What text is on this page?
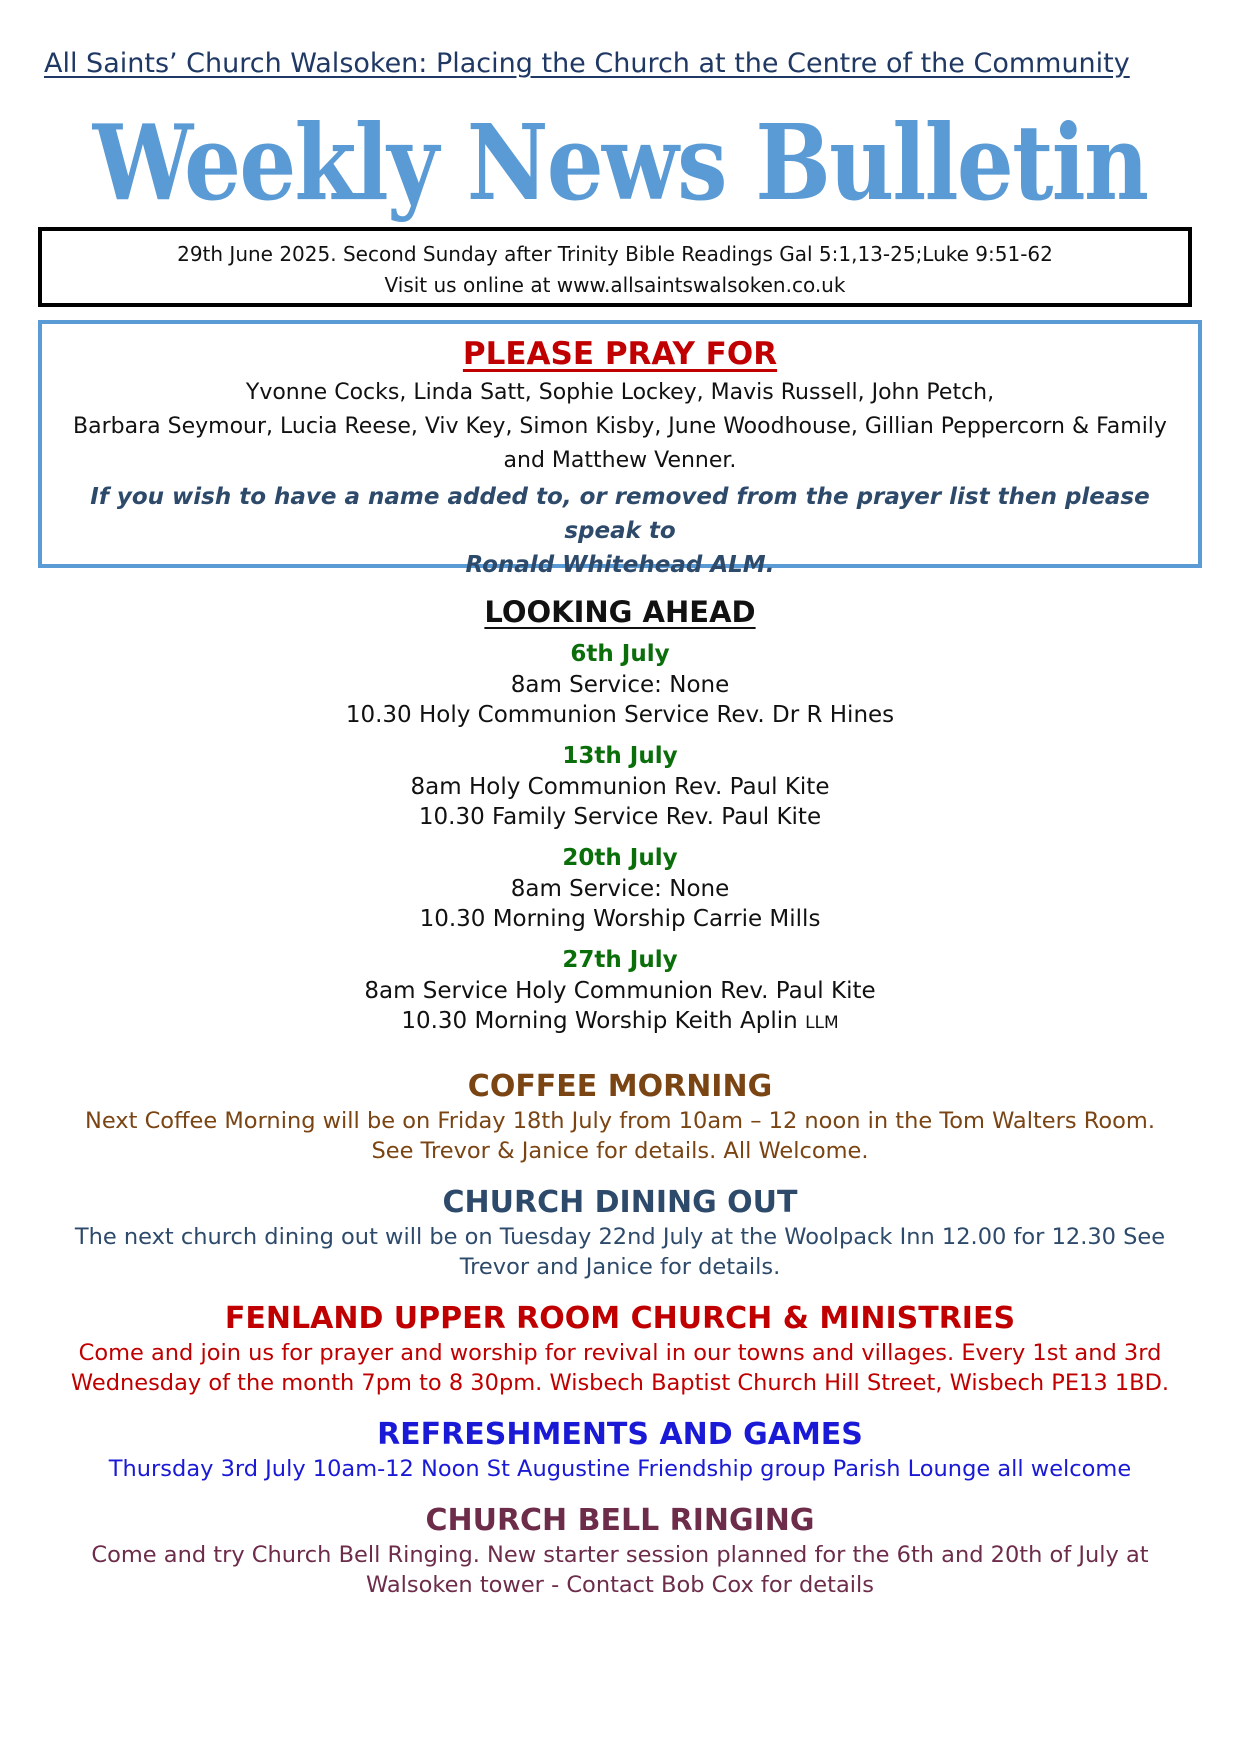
All Saints’ Church Walsoken: Placing the Church at the Centre of the Community
Weekly News Bulletin
29th June 2025. Second Sunday after Trinity Bible Readings Gal 5:1,13-25;Luke 9:51-62
Visit us online at www.allsaintswalsoken.co.uk
PLEASE PRAY FOR
Yvonne Cocks, Linda Satt, Sophie Lockey, Mavis Russell, John Petch,
Barbara Seymour, Lucia Reese, Viv Key, Simon Kisby, June Woodhouse, Gillian Peppercorn & Family
and Matthew Venner.
If you wish to have a name added to, or removed from the prayer list then please speak to
Ronald Whitehead ALM.
LOOKING AHEAD
6th July
8am Service: None
10.30 Holy Communion Service Rev. Dr R Hines
13th July
8am Holy Communion Rev. Paul Kite
10.30 Family Service Rev. Paul Kite
20th July
8am Service: None
10.30 Morning Worship Carrie Mills
27th July
8am Service Holy Communion Rev. Paul Kite
10.30 Morning Worship Keith Aplin LLM
COFFEE MORNING
Next Coffee Morning will be on Friday 18th July from 10am – 12 noon in the Tom Walters Room.
See Trevor & Janice for details. All Welcome.
CHURCH DINING OUT
The next church dining out will be on Tuesday 22nd July at the Woolpack Inn 12.00 for 12.30 See
Trevor and Janice for details.
FENLAND UPPER ROOM CHURCH & MINISTRIES
Come and join us for prayer and worship for revival in our towns and villages. Every 1st and 3rd
Wednesday of the month 7pm to 8 30pm. Wisbech Baptist Church Hill Street, Wisbech PE13 1BD.
REFRESHMENTS AND GAMES
Thursday 3rd July 10am-12 Noon St Augustine Friendship group Parish Lounge all welcome
CHURCH BELL RINGING
Come and try Church Bell Ringing. New starter session planned for the 6th and 20th of July at
Walsoken tower - Contact Bob Cox for details
